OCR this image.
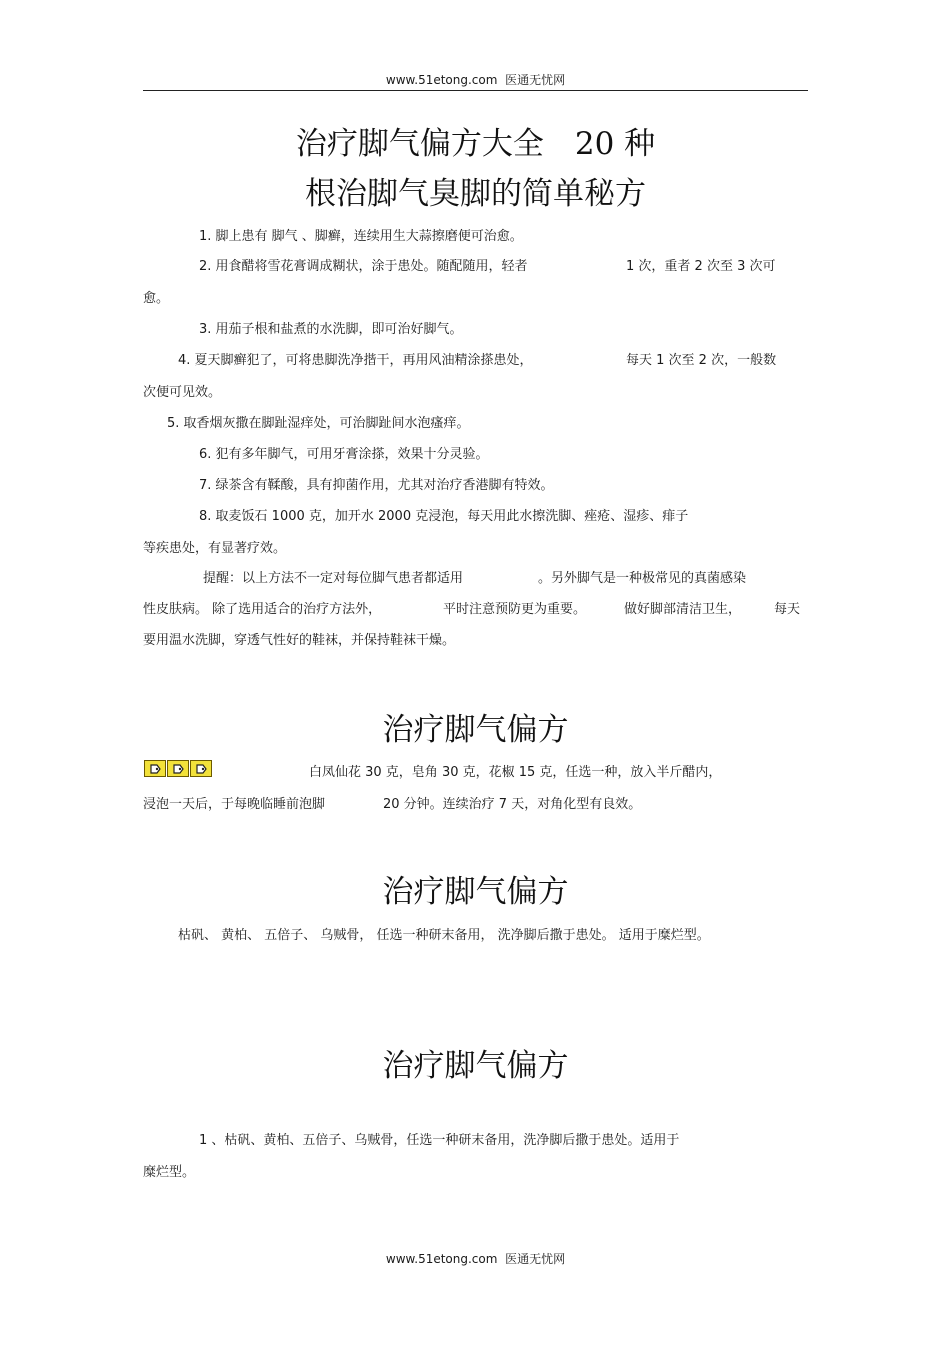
www.51etong.com 医通无忧网
治疗脚气偏方大全　20 种
根治脚气臭脚的简单秘方
1. 脚上患有 脚气 、脚癣，连续用生大蒜擦磨便可治愈。
2. 用食醋将雪花膏调成糊状，涂于患处。随配随用，轻者	1 次，重者 2 次至 3 次可
愈。
3. 用茄子根和盐煮的水洗脚，即可治好脚气。
4. 夏天脚癣犯了，可将患脚洗净揩干，再用风油精涂搽患处，	每天 1 次至 2 次，一般数
次便可见效。
5. 取香烟灰撒在脚趾湿痒处，可治脚趾间水泡瘙痒。
6. 犯有多年脚气，可用牙膏涂搽，效果十分灵验。
7. 绿茶含有鞣酸，具有抑菌作用，尤其对治疗香港脚有特效。
8. 取麦饭石 1000 克，加开水 2000 克浸泡，每天用此水擦洗脚、痤疮、湿疹、痱子
等疾患处，有显著疗效。
提醒：以上方法不一定对每位脚气患者都适用	。另外脚气是一种极常见的真菌感染
性皮肤病。 除了选用适合的治疗方法外，	平时注意预防更为重要。	做好脚部清洁卫生，	每天
要用温水洗脚，穿透气性好的鞋袜，并保持鞋袜干燥。
治疗脚气偏方
白凤仙花 30 克，皂角 30 克，花椒 15 克，任选一种，放入半斤醋内，
浸泡一天后，于每晚临睡前泡脚	20 分钟。连续治疗 7 天，对角化型有良效。
治疗脚气偏方
枯矾、 黄柏、 五倍子、 乌贼骨， 任选一种研末备用， 洗净脚后撒于患处。 适用于糜烂型。
治疗脚气偏方
1 、枯矾、黄柏、五倍子、乌贼骨，任选一种研末备用，洗净脚后撒于患处。适用于
糜烂型。
www.51etong.com 医通无忧网
